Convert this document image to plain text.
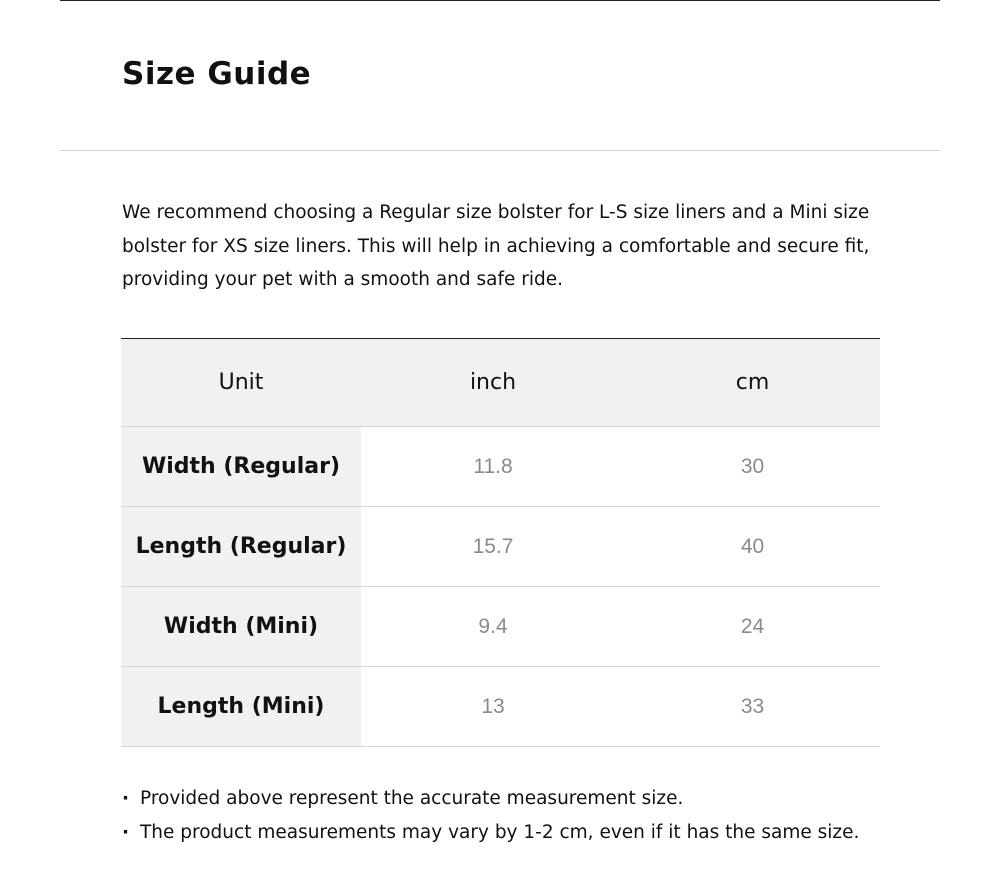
Size Guide

We recommend choosing a Regular size bolster for L-S size liners and a Mini size
bolster for XS size liners. This will help in achieving a comfortable and secure fit,
providing your pet with a smooth and safe ride.

Unit	inch	cm
Width (Regular)	11.8	30
Length (Regular)	15.7	40
Width (Mini)	9.4	24
Length (Mini)	13	33
· Provided above represent the accurate measurement size.
· The product measurements may vary by 1-2 cm, even if it has the same size.
